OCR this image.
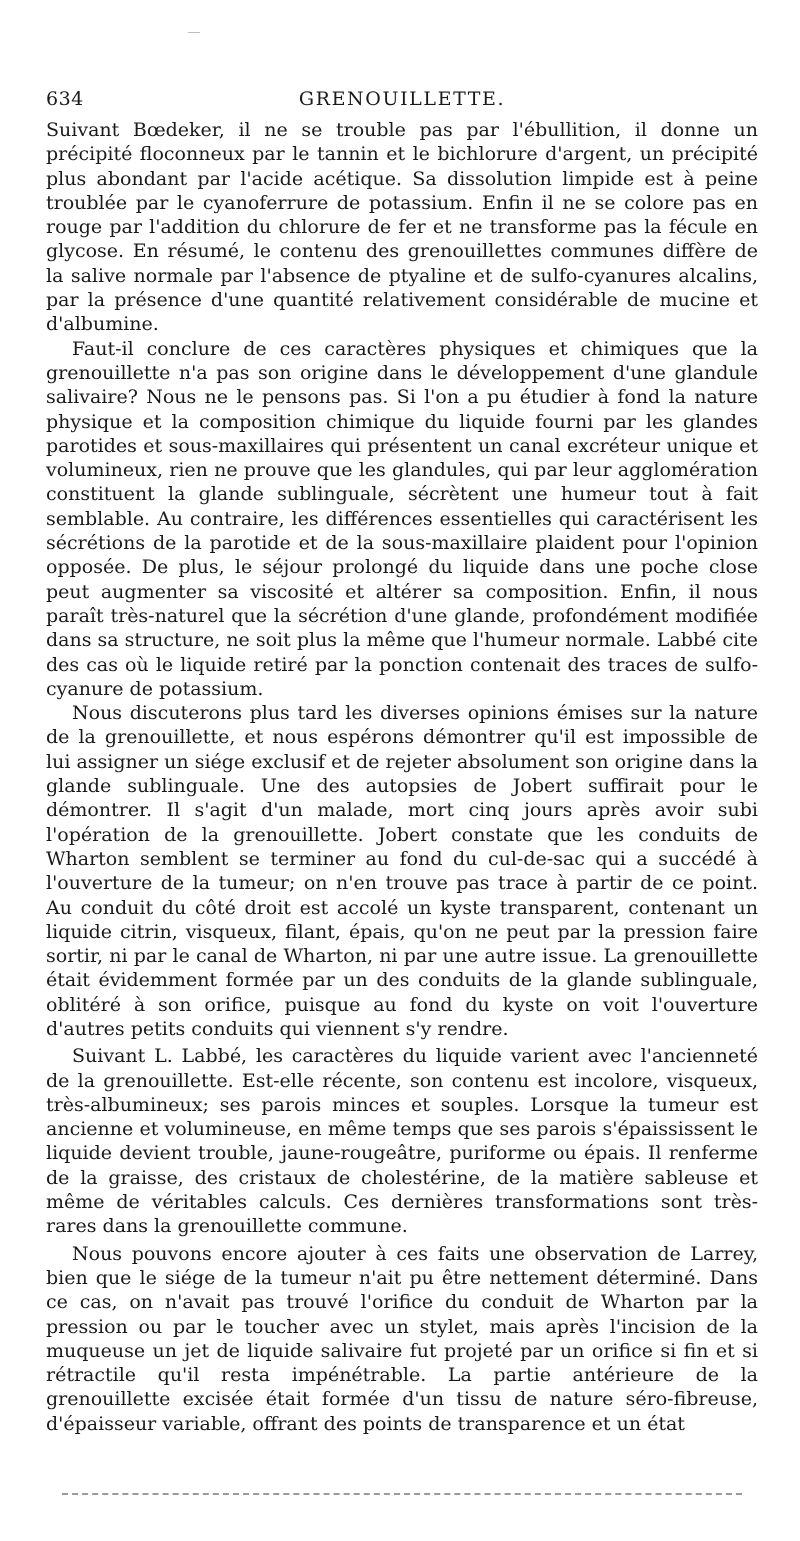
634	GRENOUILLETTE.

Suivant Bœdeker, il ne se trouble pas par l'ébullition, il donne un précipité floconneux par le tannin et le bichlorure d'argent, un précipité plus abondant par l'acide acétique. Sa dissolution limpide est à peine troublée par le cyanoferrure de potassium. Enfin il ne se colore pas en rouge par l'addition du chlorure de fer et ne transforme pas la fécule en glycose. En résumé, le contenu des grenouillettes communes diffère de la salive normale par l'absence de ptyaline et de sulfo-cyanures alcalins, par la présence d'une quantité relativement considérable de mucine et d'albumine.

Faut-il conclure de ces caractères physiques et chimiques que la grenouillette n'a pas son origine dans le développement d'une glandule salivaire? Nous ne le pensons pas. Si l'on a pu étudier à fond la nature physique et la composition chimique du liquide fourni par les glandes parotides et sous-maxillaires qui présentent un canal excréteur unique et volumineux, rien ne prouve que les glandules, qui par leur agglomération constituent la glande sublinguale, sécrètent une humeur tout à fait semblable. Au contraire, les différences essentielles qui caractérisent les sécrétions de la parotide et de la sous-maxillaire plaident pour l'opinion opposée. De plus, le séjour prolongé du liquide dans une poche close peut augmenter sa viscosité et altérer sa composition. Enfin, il nous paraît très-naturel que la sécrétion d'une glande, profondément modifiée dans sa structure, ne soit plus la même que l'humeur normale. Labbé cite des cas où le liquide retiré par la ponction contenait des traces de sulfo-cyanure de potassium.

Nous discuterons plus tard les diverses opinions émises sur la nature de la grenouillette, et nous espérons démontrer qu'il est impossible de lui assigner un siége exclusif et de rejeter absolument son origine dans la glande sublinguale. Une des autopsies de Jobert suffirait pour le démontrer. Il s'agit d'un malade, mort cinq jours après avoir subi l'opération de la grenouillette. Jobert constate que les conduits de Wharton semblent se terminer au fond du cul-de-sac qui a succédé à l'ouverture de la tumeur; on n'en trouve pas trace à partir de ce point. Au conduit du côté droit est accolé un kyste transparent, contenant un liquide citrin, visqueux, filant, épais, qu'on ne peut par la pression faire sortir, ni par le canal de Wharton, ni par une autre issue. La grenouillette était évidemment formée par un des conduits de la glande sublinguale, oblitéré à son orifice, puisque au fond du kyste on voit l'ouverture d'autres petits conduits qui viennent s'y rendre.

Suivant L. Labbé, les caractères du liquide varient avec l'ancienneté de la grenouillette. Est-elle récente, son contenu est incolore, visqueux, très-albumineux; ses parois minces et souples. Lorsque la tumeur est ancienne et volumineuse, en même temps que ses parois s'épaississent le liquide devient trouble, jaune-rougeâtre, puriforme ou épais. Il renferme de la graisse, des cristaux de cholestérine, de la matière sableuse et même de véritables calculs. Ces dernières transformations sont très-rares dans la grenouillette commune.

Nous pouvons encore ajouter à ces faits une observation de Larrey, bien que le siége de la tumeur n'ait pu être nettement déterminé. Dans ce cas, on n'avait pas trouvé l'orifice du conduit de Wharton par la pression ou par le toucher avec un stylet, mais après l'incision de la muqueuse un jet de liquide salivaire fut projeté par un orifice si fin et si rétractile qu'il resta impénétrable. La partie antérieure de la grenouillette excisée était formée d'un tissu de nature séro-fibreuse, d'épaisseur variable, offrant des points de transparence et un état
